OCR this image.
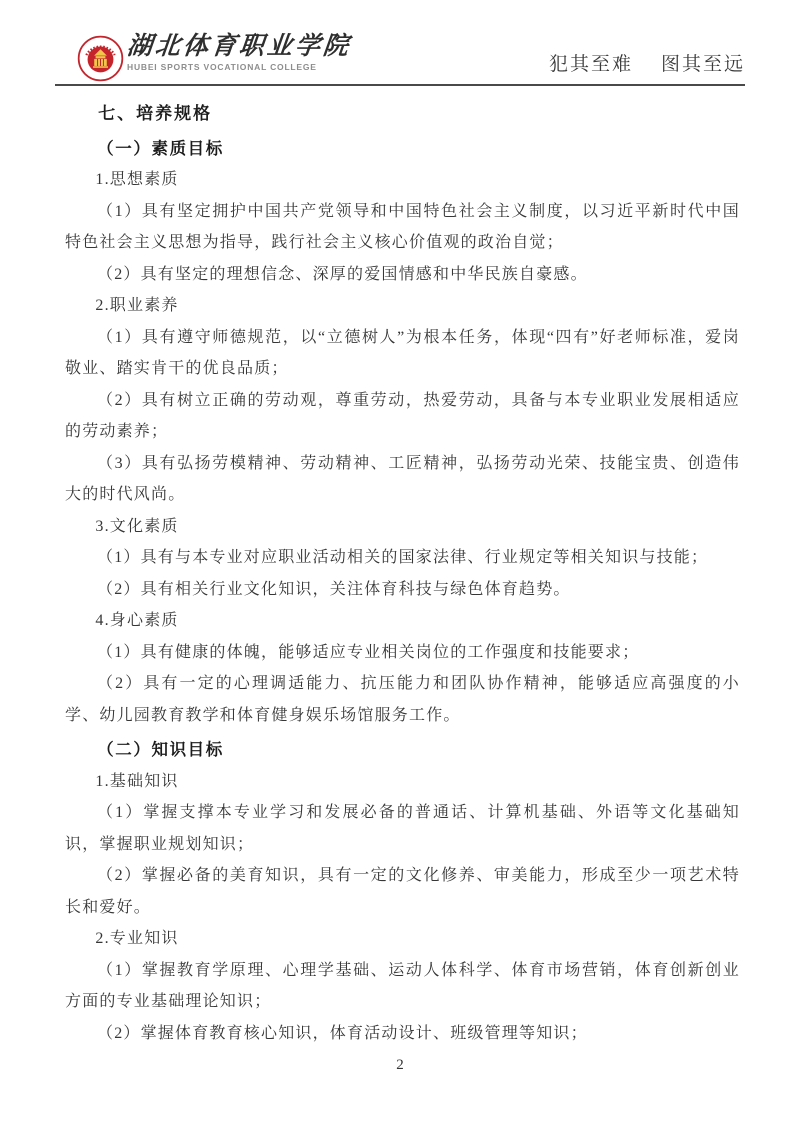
湖北体育职业学院
HUBEI SPORTS VOCATIONAL COLLEGE	犯其至难 图其至远

七、培养规格

（一）素质目标

1.思想素质

（1）具有坚定拥护中国共产党领导和中国特色社会主义制度，以习近平新时代中国特色社会主义思想为指导，践行社会主义核心价值观的政治自觉；

（2）具有坚定的理想信念、深厚的爱国情感和中华民族自豪感。

2.职业素养

（1）具有遵守师德规范，以“立德树人”为根本任务，体现“四有”好老师标准，爱岗敬业、踏实肯干的优良品质；

（2）具有树立正确的劳动观，尊重劳动，热爱劳动，具备与本专业职业发展相适应的劳动素养；

（3）具有弘扬劳模精神、劳动精神、工匠精神，弘扬劳动光荣、技能宝贵、创造伟大的时代风尚。

3.文化素质

（1）具有与本专业对应职业活动相关的国家法律、行业规定等相关知识与技能；

（2）具有相关行业文化知识，关注体育科技与绿色体育趋势。

4.身心素质

（1）具有健康的体魄，能够适应专业相关岗位的工作强度和技能要求；

（2）具有一定的心理调适能力、抗压能力和团队协作精神，能够适应高强度的小学、幼儿园教育教学和体育健身娱乐场馆服务工作。

（二）知识目标

1.基础知识

（1）掌握支撑本专业学习和发展必备的普通话、计算机基础、外语等文化基础知识，掌握职业规划知识；

（2）掌握必备的美育知识，具有一定的文化修养、审美能力，形成至少一项艺术特长和爱好。

2.专业知识

（1）掌握教育学原理、心理学基础、运动人体科学、体育市场营销，体育创新创业方面的专业基础理论知识；

（2）掌握体育教育核心知识，体育活动设计、班级管理等知识；

2
